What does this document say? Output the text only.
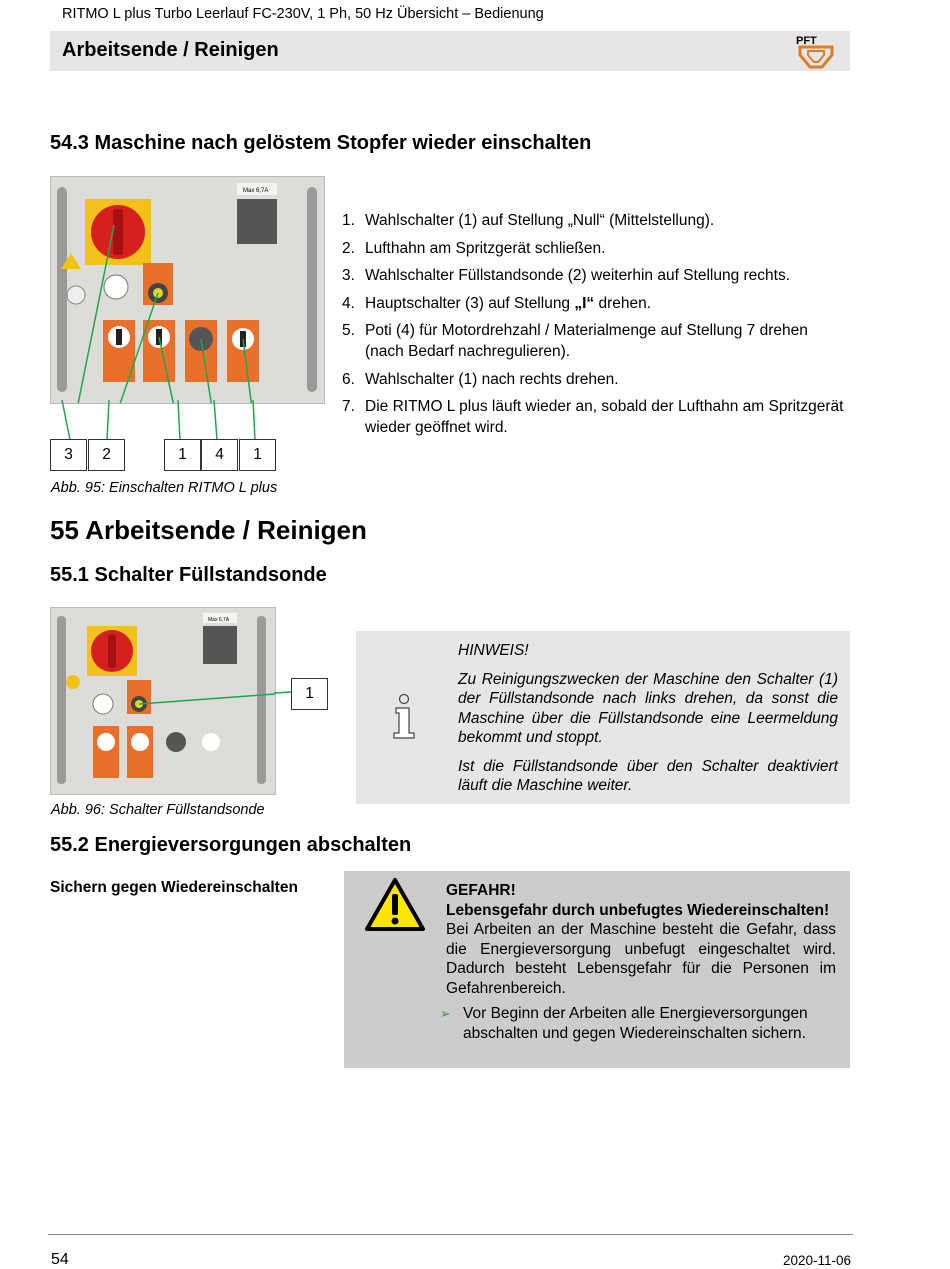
RITMO L plus Turbo Leerlauf FC-230V, 1 Ph, 50 Hz Übersicht – Bedienung
Arbeitsende / Reinigen	PFT
54.3 Maschine nach gelöstem Stopfer wieder einschalten
Max 6,7A
3	2	1	4	1
Abb. 95: Einschalten RITMO L plus
1. Wahlschalter (1) auf Stellung „Null“ (Mittelstellung).
2. Lufthahn am Spritzgerät schließen.
3. Wahlschalter Füllstandsonde (2) weiterhin auf Stellung rechts.
4. Hauptschalter (3) auf Stellung „I“ drehen.
5. Poti (4) für Motordrehzahl / Materialmenge auf Stellung 7 drehen (nach Bedarf nachregulieren).
6. Wahlschalter (1) nach rechts drehen.
7. Die RITMO L plus läuft wieder an, sobald der Lufthahn am Spritzgerät wieder geöffnet wird.
55 Arbeitsende / Reinigen
55.1 Schalter Füllstandsonde
Max 6,7A
1
Abb. 96: Schalter Füllstandsonde

HINWEIS!

Zu Reinigungszwecken der Maschine den Schalter (1) der Füllstandsonde nach links drehen, da sonst die Maschine über die Füllstandsonde eine Leermeldung bekommt und stoppt.

Ist die Füllstandsonde über den Schalter deaktiviert läuft die Maschine weiter.

55.2 Energieversorgungen abschalten
Sichern gegen Wiedereinschalten	GEFAHR!
Lebensgefahr durch unbefugtes Wiedereinschalten!

Bei Arbeiten an der Maschine besteht die Gefahr, dass die Energieversorgung unbefugt eingeschaltet wird. Dadurch besteht Lebensgefahr für die Personen im Gefahrenbereich.

➢ Vor Beginn der Arbeiten alle Energieversorgungen abschalten und gegen Wiedereinschalten sichern.
54	2020-11-06
